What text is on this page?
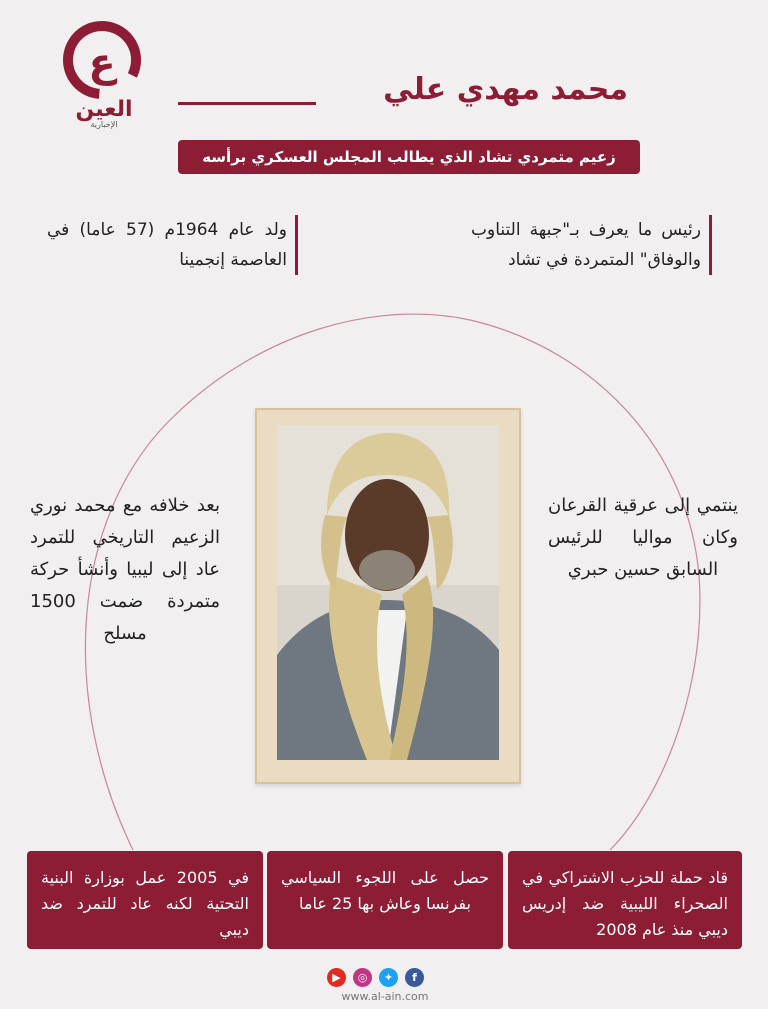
ع
العين
الإخبارية
محمد مهدي علي
زعيم متمردي تشاد الذي يطالب المجلس العسكري برأسه
ولد عام 1964م (57 عاما) في العاصمة إنجمينا
رئيس ما يعرف بـ"جبهة التناوب والوفاق" المتمردة في تشاد
بعد خلافه مع محمد نوري الزعيم التاريخي للتمرد عاد إلى ليبيا وأنشأ حركة متمردة ضمت 1500 مسلح
ينتمي إلى عرقية القرعان وكان مواليا للرئيس السابق حسين حبري
قاد حملة للحزب الاشتراكي في الصحراء الليبية ضد إدريس ديبي منذ عام 2008
حصل على اللجوء السياسي بفرنسا وعاش بها 25 عاما
في 2005 عمل بوزارة البنية التحتية لكنه عاد للتمرد ضد ديبي
▶	◎	✦	f
www.al-ain.com
